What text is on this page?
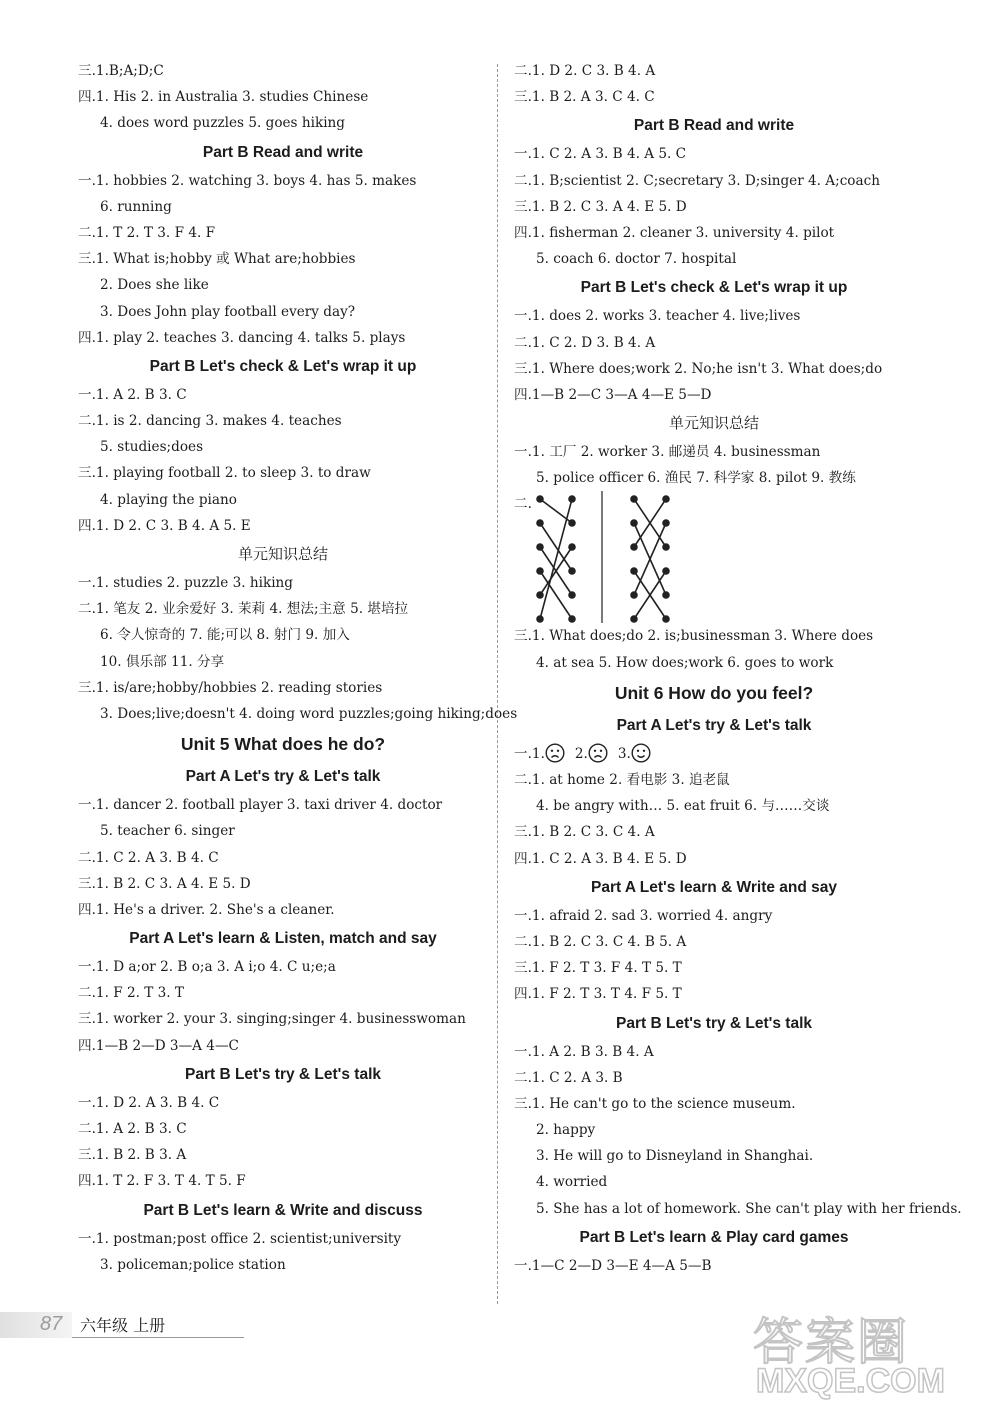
三.1.B;A;D;C
四.1. His 2. in Australia 3. studies Chinese
4. does word puzzles 5. goes hiking
Part B Read and write
一.1. hobbies 2. watching 3. boys 4. has 5. makes
6. running
二.1. T 2. T 3. F 4. F
三.1. What is;hobby 或 What are;hobbies
2. Does she like
3. Does John play football every day?
四.1. play 2. teaches 3. dancing 4. talks 5. plays
Part B Let's check & Let's wrap it up
一.1. A 2. B 3. C
二.1. is 2. dancing 3. makes 4. teaches
5. studies;does
三.1. playing football 2. to sleep 3. to draw
4. playing the piano
四.1. D 2. C 3. B 4. A 5. E
单元知识总结
一.1. studies 2. puzzle 3. hiking
二.1. 笔友 2. 业余爱好 3. 茉莉 4. 想法;主意 5. 堪培拉
6. 令人惊奇的 7. 能;可以 8. 射门 9. 加入
10. 俱乐部 11. 分享
三.1. is/are;hobby/hobbies 2. reading stories
3. Does;live;doesn't 4. doing word puzzles;going hiking;does
Unit 5 What does he do?
Part A Let's try & Let's talk
一.1. dancer 2. football player 3. taxi driver 4. doctor
5. teacher 6. singer
二.1. C 2. A 3. B 4. C
三.1. B 2. C 3. A 4. E 5. D
四.1. He's a driver. 2. She's a cleaner.
Part A Let's learn & Listen, match and say
一.1. D a;or 2. B o;a 3. A i;o 4. C u;e;a
二.1. F 2. T 3. T
三.1. worker 2. your 3. singing;singer 4. businesswoman
四.1—B 2—D 3—A 4—C
Part B Let's try & Let's talk
一.1. D 2. A 3. B 4. C
二.1. A 2. B 3. C
三.1. B 2. B 3. A
四.1. T 2. F 3. T 4. T 5. F
Part B Let's learn & Write and discuss
一.1. postman;post office 2. scientist;university
3. policeman;police station
二.1. D 2. C 3. B 4. A
三.1. B 2. A 3. C 4. C
Part B Read and write
一.1. C 2. A 3. B 4. A 5. C
二.1. B;scientist 2. C;secretary 3. D;singer 4. A;coach
三.1. B 2. C 3. A 4. E 5. D
四.1. fisherman 2. cleaner 3. university 4. pilot
5. coach 6. doctor 7. hospital
Part B Let's check & Let's wrap it up
一.1. does 2. works 3. teacher 4. live;lives
二.1. C 2. D 3. B 4. A
三.1. Where does;work 2. No;he isn't 3. What does;do
四.1—B 2—C 3—A 4—E 5—D
单元知识总结
一.1. 工厂 2. worker 3. 邮递员 4. businessman
5. police officer 6. 渔民 7. 科学家 8. pilot 9. 教练
二.
三.1. What does;do 2. is;businessman 3. Where does
4. at sea 5. How does;work 6. goes to work
Unit 6 How do you feel?
Part A Let's try & Let's talk
一.1. 2. 3.
二.1. at home 2. 看电影 3. 追老鼠
4. be angry with… 5. eat fruit 6. 与……交谈
三.1. B 2. C 3. C 4. A
四.1. C 2. A 3. B 4. E 5. D
Part A Let's learn & Write and say
一.1. afraid 2. sad 3. worried 4. angry
二.1. B 2. C 3. C 4. B 5. A
三.1. F 2. T 3. F 4. T 5. T
四.1. F 2. T 3. T 4. F 5. T
Part B Let's try & Let's talk
一.1. A 2. B 3. B 4. A
二.1. C 2. A 3. B
三.1. He can't go to the science museum.
2. happy
3. He will go to Disneyland in Shanghai.
4. worried
5. She has a lot of homework. She can't play with her friends.
Part B Let's learn & Play card games
一.1—C 2—D 3—E 4—A 5—B
87 六年级 上册	答案圈
MXQE.COM
